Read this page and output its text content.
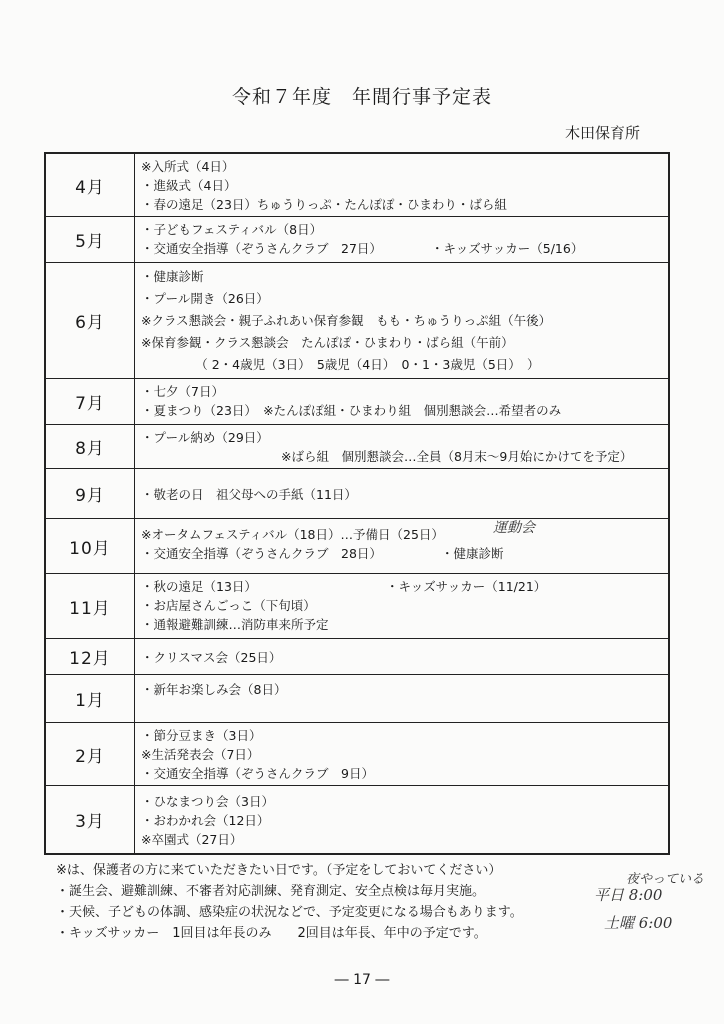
令和７年度　年間行事予定表
木田保育所
4月	※入所式（4日）
・進級式（4日）
・春の遠足（23日）ちゅうりっぷ・たんぽぽ・ひまわり・ばら組

5月	・子どもフェスティバル（8日）
・交通安全指導（ぞうさんクラブ　27日） ・キッズサッカー（5/16）

6月	・健康診断
・プール開き（26日）
※クラス懇談会・親子ふれあい保育参観　もも・ちゅうりっぷ組（午後）
※保育参観・クラス懇談会　たんぽぽ・ひまわり・ばら組（午前）
　（ 2・4歳児（3日）　5歳児（4日）　0・1・3歳児（5日）　）

7月	・七夕（7日）
・夏まつり（23日）　※たんぽぽ組・ひまわり組　個別懇談会…希望者のみ

8月	・プール納め（29日）
※ばら組　個別懇談会…全員（8月末～9月始にかけてを予定）

9月	・敬老の日　祖父母への手紙（11日）

10月	※オータムフェスティバル（18日）…予備日（25日） 運動会
・交通安全指導（ぞうさんクラブ　28日） ・健康診断

11月	・秋の遠足（13日） ・キッズサッカー（11/21）
・お店屋さんごっこ（下旬頃）
・通報避難訓練…消防車来所予定

12月	・クリスマス会（25日）

1月	・新年お楽しみ会（8日）

2月	・節分豆まき（3日）
※生活発表会（7日）
・交通安全指導（ぞうさんクラブ　9日）

3月	・ひなまつり会（3日）
・おわかれ会（12日）
※卒園式（27日）
※は、保護者の方に来ていただきたい日です。（予定をしておいてください）
・誕生会、避難訓練、不審者対応訓練、発育測定、安全点検は毎月実施。
・天候、子どもの体調、感染症の状況などで、予定変更になる場合もあります。
・キッズサッカー　1回目は年長のみ　　2回目は年長、年中の予定です。
夜やっている
平日 8:00
土曜 6:00
― 17 ―
